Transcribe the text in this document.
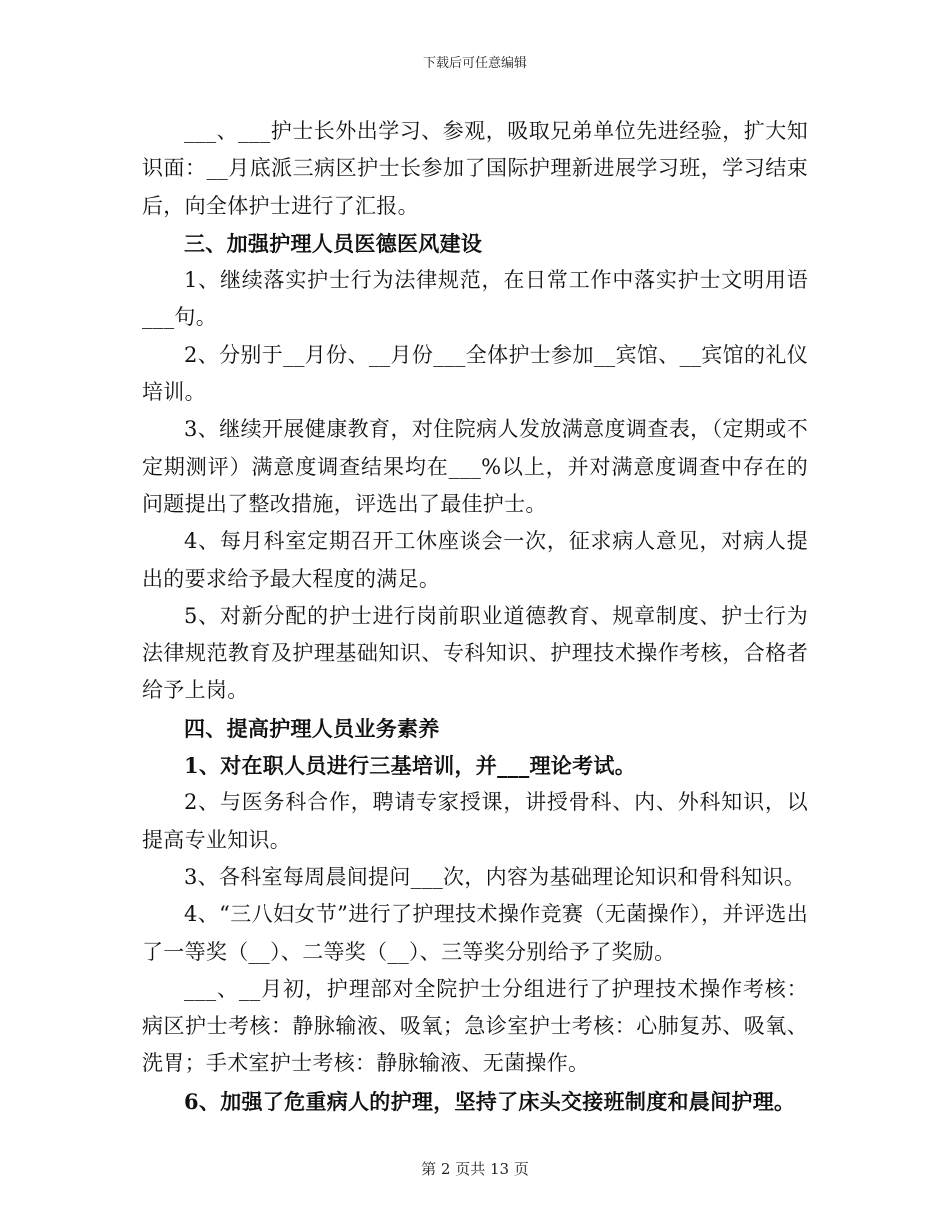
下载后可任意编辑

___、___护士长外出学习、参观，吸取兄弟单位先进经验，扩大知识面：__月底派三病区护士长参加了国际护理新进展学习班，学习结束后，向全体护士进行了汇报。

三、加强护理人员医德医风建设

1、继续落实护士行为法律规范，在日常工作中落实护士文明用语___句。

2、分别于__月份、__月份___全体护士参加__宾馆、__宾馆的礼仪培训。

3、继续开展健康教育，对住院病人发放满意度调查表，（定期或不定期测评）满意度调查结果均在___%以上，并对满意度调查中存在的问题提出了整改措施，评选出了最佳护士。

4、每月科室定期召开工休座谈会一次，征求病人意见，对病人提出的要求给予最大程度的满足。

5、对新分配的护士进行岗前职业道德教育、规章制度、护士行为法律规范教育及护理基础知识、专科知识、护理技术操作考核，合格者给予上岗。

四、提高护理人员业务素养

1、对在职人员进行三基培训，并___理论考试。

2、与医务科合作，聘请专家授课，讲授骨科、内、外科知识，以提高专业知识。

3、各科室每周晨间提问___次，内容为基础理论知识和骨科知识。

4、“三八妇女节”进行了护理技术操作竞赛（无菌操作），并评选出了一等奖（__）、二等奖（__）、三等奖分别给予了奖励。

___、__月初，护理部对全院护士分组进行了护理技术操作考核：病区护士考核：静脉输液、吸氧；急诊室护士考核：心肺复苏、吸氧、洗胃；手术室护士考核：静脉输液、无菌操作。

6、加强了危重病人的护理，坚持了床头交接班制度和晨间护理。

第 2 页共 13 页
